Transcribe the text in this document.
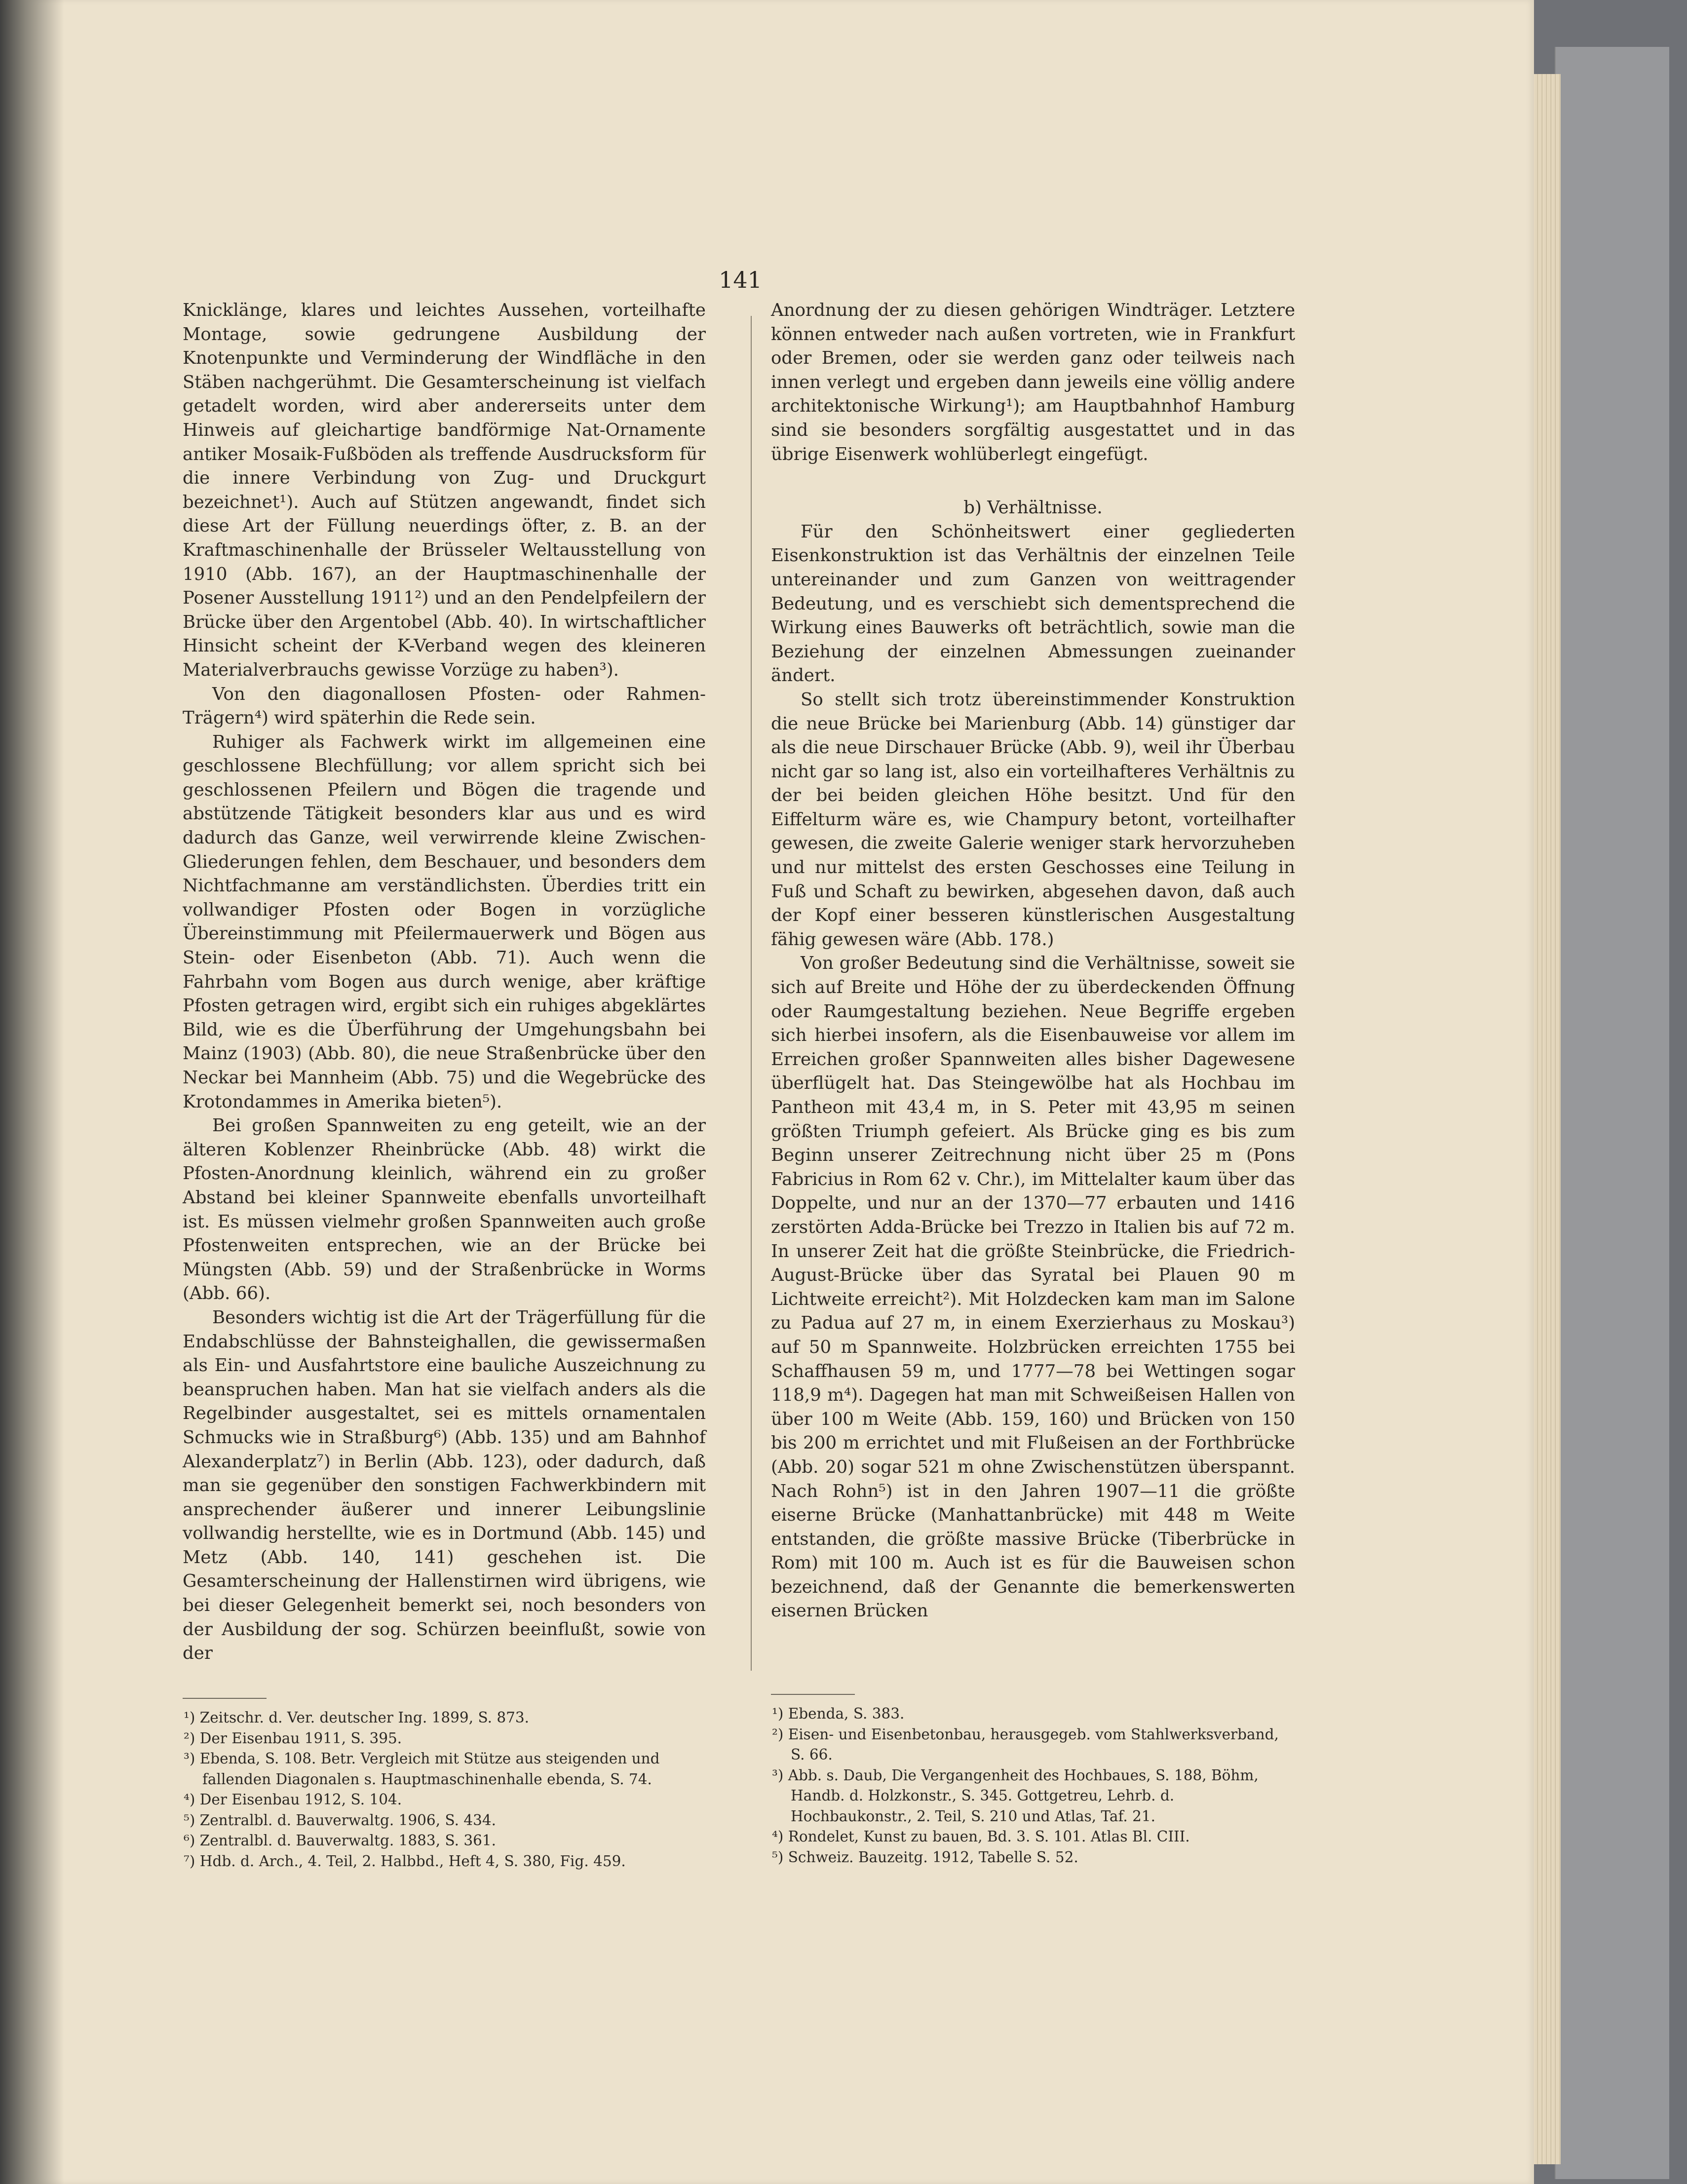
141

Knicklänge, klares und leichtes Aussehen, vorteilhafte Montage, sowie gedrungene Ausbildung der Knotenpunkte und Verminderung der Windfläche in den Stäben nachgerühmt. Die Gesamterscheinung ist vielfach getadelt worden, wird aber andererseits unter dem Hinweis auf gleichartige bandförmige Nat-Ornamente antiker Mosaik-Fußböden als treffende Ausdrucksform für die innere Verbindung von Zug- und Druckgurt bezeichnet¹). Auch auf Stützen angewandt, findet sich diese Art der Füllung neuerdings öfter, z. B. an der Kraftmaschinenhalle der Brüsseler Weltausstellung von 1910 (Abb. 167), an der Hauptmaschinenhalle der Posener Ausstellung 1911²) und an den Pendelpfeilern der Brücke über den Argentobel (Abb. 40). In wirtschaftlicher Hinsicht scheint der K-Verband wegen des kleineren Materialverbrauchs gewisse Vorzüge zu haben³).

Von den diagonallosen Pfosten- oder Rahmen-Trägern⁴) wird späterhin die Rede sein.

Ruhiger als Fachwerk wirkt im allgemeinen eine geschlossene Blechfüllung; vor allem spricht sich bei geschlossenen Pfeilern und Bögen die tragende und abstützende Tätigkeit besonders klar aus und es wird dadurch das Ganze, weil verwirrende kleine Zwischen-Gliederungen fehlen, dem Beschauer, und besonders dem Nichtfachmanne am verständlichsten. Überdies tritt ein vollwandiger Pfosten oder Bogen in vorzügliche Übereinstimmung mit Pfeilermauerwerk und Bögen aus Stein- oder Eisenbeton (Abb. 71). Auch wenn die Fahrbahn vom Bogen aus durch wenige, aber kräftige Pfosten getragen wird, ergibt sich ein ruhiges abgeklärtes Bild, wie es die Überführung der Umgehungsbahn bei Mainz (1903) (Abb. 80), die neue Straßenbrücke über den Neckar bei Mannheim (Abb. 75) und die Wegebrücke des Krotondammes in Amerika bieten⁵).

Bei großen Spannweiten zu eng geteilt, wie an der älteren Koblenzer Rheinbrücke (Abb. 48) wirkt die Pfosten-Anordnung kleinlich, während ein zu großer Abstand bei kleiner Spannweite ebenfalls unvorteilhaft ist. Es müssen vielmehr großen Spannweiten auch große Pfostenweiten entsprechen, wie an der Brücke bei Müngsten (Abb. 59) und der Straßenbrücke in Worms (Abb. 66).

Besonders wichtig ist die Art der Trägerfüllung für die Endabschlüsse der Bahnsteighallen, die gewissermaßen als Ein- und Ausfahrtstore eine bauliche Auszeichnung zu beanspruchen haben. Man hat sie vielfach anders als die Regelbinder ausgestaltet, sei es mittels ornamentalen Schmucks wie in Straßburg⁶) (Abb. 135) und am Bahnhof Alexanderplatz⁷) in Berlin (Abb. 123), oder dadurch, daß man sie gegenüber den sonstigen Fachwerkbindern mit ansprechender äußerer und innerer Leibungslinie vollwandig herstellte, wie es in Dortmund (Abb. 145) und Metz (Abb. 140, 141) geschehen ist. Die Gesamterscheinung der Hallenstirnen wird übrigens, wie bei dieser Gelegenheit bemerkt sei, noch besonders von der Ausbildung der sog. Schürzen beeinflußt, sowie von der

Anordnung der zu diesen gehörigen Windträger. Letztere können entweder nach außen vortreten, wie in Frankfurt oder Bremen, oder sie werden ganz oder teilweis nach innen verlegt und ergeben dann jeweils eine völlig andere architektonische Wirkung¹); am Hauptbahnhof Hamburg sind sie besonders sorgfältig ausgestattet und in das übrige Eisenwerk wohlüberlegt eingefügt.

b) Verhältnisse.

Für den Schönheitswert einer gegliederten Eisenkonstruktion ist das Verhältnis der einzelnen Teile untereinander und zum Ganzen von weittragender Bedeutung, und es verschiebt sich dementsprechend die Wirkung eines Bauwerks oft beträchtlich, sowie man die Beziehung der einzelnen Abmessungen zueinander ändert.

So stellt sich trotz übereinstimmender Konstruktion die neue Brücke bei Marienburg (Abb. 14) günstiger dar als die neue Dirschauer Brücke (Abb. 9), weil ihr Überbau nicht gar so lang ist, also ein vorteilhafteres Verhältnis zu der bei beiden gleichen Höhe besitzt. Und für den Eiffelturm wäre es, wie Champury betont, vorteilhafter gewesen, die zweite Galerie weniger stark hervorzuheben und nur mittelst des ersten Geschosses eine Teilung in Fuß und Schaft zu bewirken, abgesehen davon, daß auch der Kopf einer besseren künstlerischen Ausgestaltung fähig gewesen wäre (Abb. 178.)

Von großer Bedeutung sind die Verhältnisse, soweit sie sich auf Breite und Höhe der zu überdeckenden Öffnung oder Raumgestaltung beziehen. Neue Begriffe ergeben sich hierbei insofern, als die Eisenbauweise vor allem im Erreichen großer Spannweiten alles bisher Dagewesene überflügelt hat. Das Steingewölbe hat als Hochbau im Pantheon mit 43,4 m, in S. Peter mit 43,95 m seinen größten Triumph gefeiert. Als Brücke ging es bis zum Beginn unserer Zeitrechnung nicht über 25 m (Pons Fabricius in Rom 62 v. Chr.), im Mittelalter kaum über das Doppelte, und nur an der 1370—77 erbauten und 1416 zerstörten Adda-Brücke bei Trezzo in Italien bis auf 72 m. In unserer Zeit hat die größte Steinbrücke, die Friedrich-August-Brücke über das Syratal bei Plauen 90 m Lichtweite erreicht²). Mit Holzdecken kam man im Salone zu Padua auf 27 m, in einem Exerzierhaus zu Moskau³) auf 50 m Spannweite. Holzbrücken erreichten 1755 bei Schaffhausen 59 m, und 1777—78 bei Wettingen sogar 118,9 m⁴). Dagegen hat man mit Schweißeisen Hallen von über 100 m Weite (Abb. 159, 160) und Brücken von 150 bis 200 m errichtet und mit Flußeisen an der Forthbrücke (Abb. 20) sogar 521 m ohne Zwischenstützen überspannt. Nach Rohn⁵) ist in den Jahren 1907—11 die größte eiserne Brücke (Manhattanbrücke) mit 448 m Weite entstanden, die größte massive Brücke (Tiberbrücke in Rom) mit 100 m. Auch ist es für die Bauweisen schon bezeichnend, daß der Genannte die bemerkenswerten eisernen Brücken

¹) Zeitschr. d. Ver. deutscher Ing. 1899, S. 873.

²) Der Eisenbau 1911, S. 395.

³) Ebenda, S. 108. Betr. Vergleich mit Stütze aus steigenden und fallenden Diagonalen s. Hauptmaschinenhalle ebenda, S. 74.

⁴) Der Eisenbau 1912, S. 104.

⁵) Zentralbl. d. Bauverwaltg. 1906, S. 434.

⁶) Zentralbl. d. Bauverwaltg. 1883, S. 361.

⁷) Hdb. d. Arch., 4. Teil, 2. Halbbd., Heft 4, S. 380, Fig. 459.

¹) Ebenda, S. 383.

²) Eisen- und Eisenbetonbau, herausgegeb. vom Stahlwerksverband, S. 66.

³) Abb. s. Daub, Die Vergangenheit des Hochbaues, S. 188, Böhm, Handb. d. Holzkonstr., S. 345. Gottgetreu, Lehrb. d. Hochbaukonstr., 2. Teil, S. 210 und Atlas, Taf. 21.

⁴) Rondelet, Kunst zu bauen, Bd. 3. S. 101. Atlas Bl. CIII.

⁵) Schweiz. Bauzeitg. 1912, Tabelle S. 52.
